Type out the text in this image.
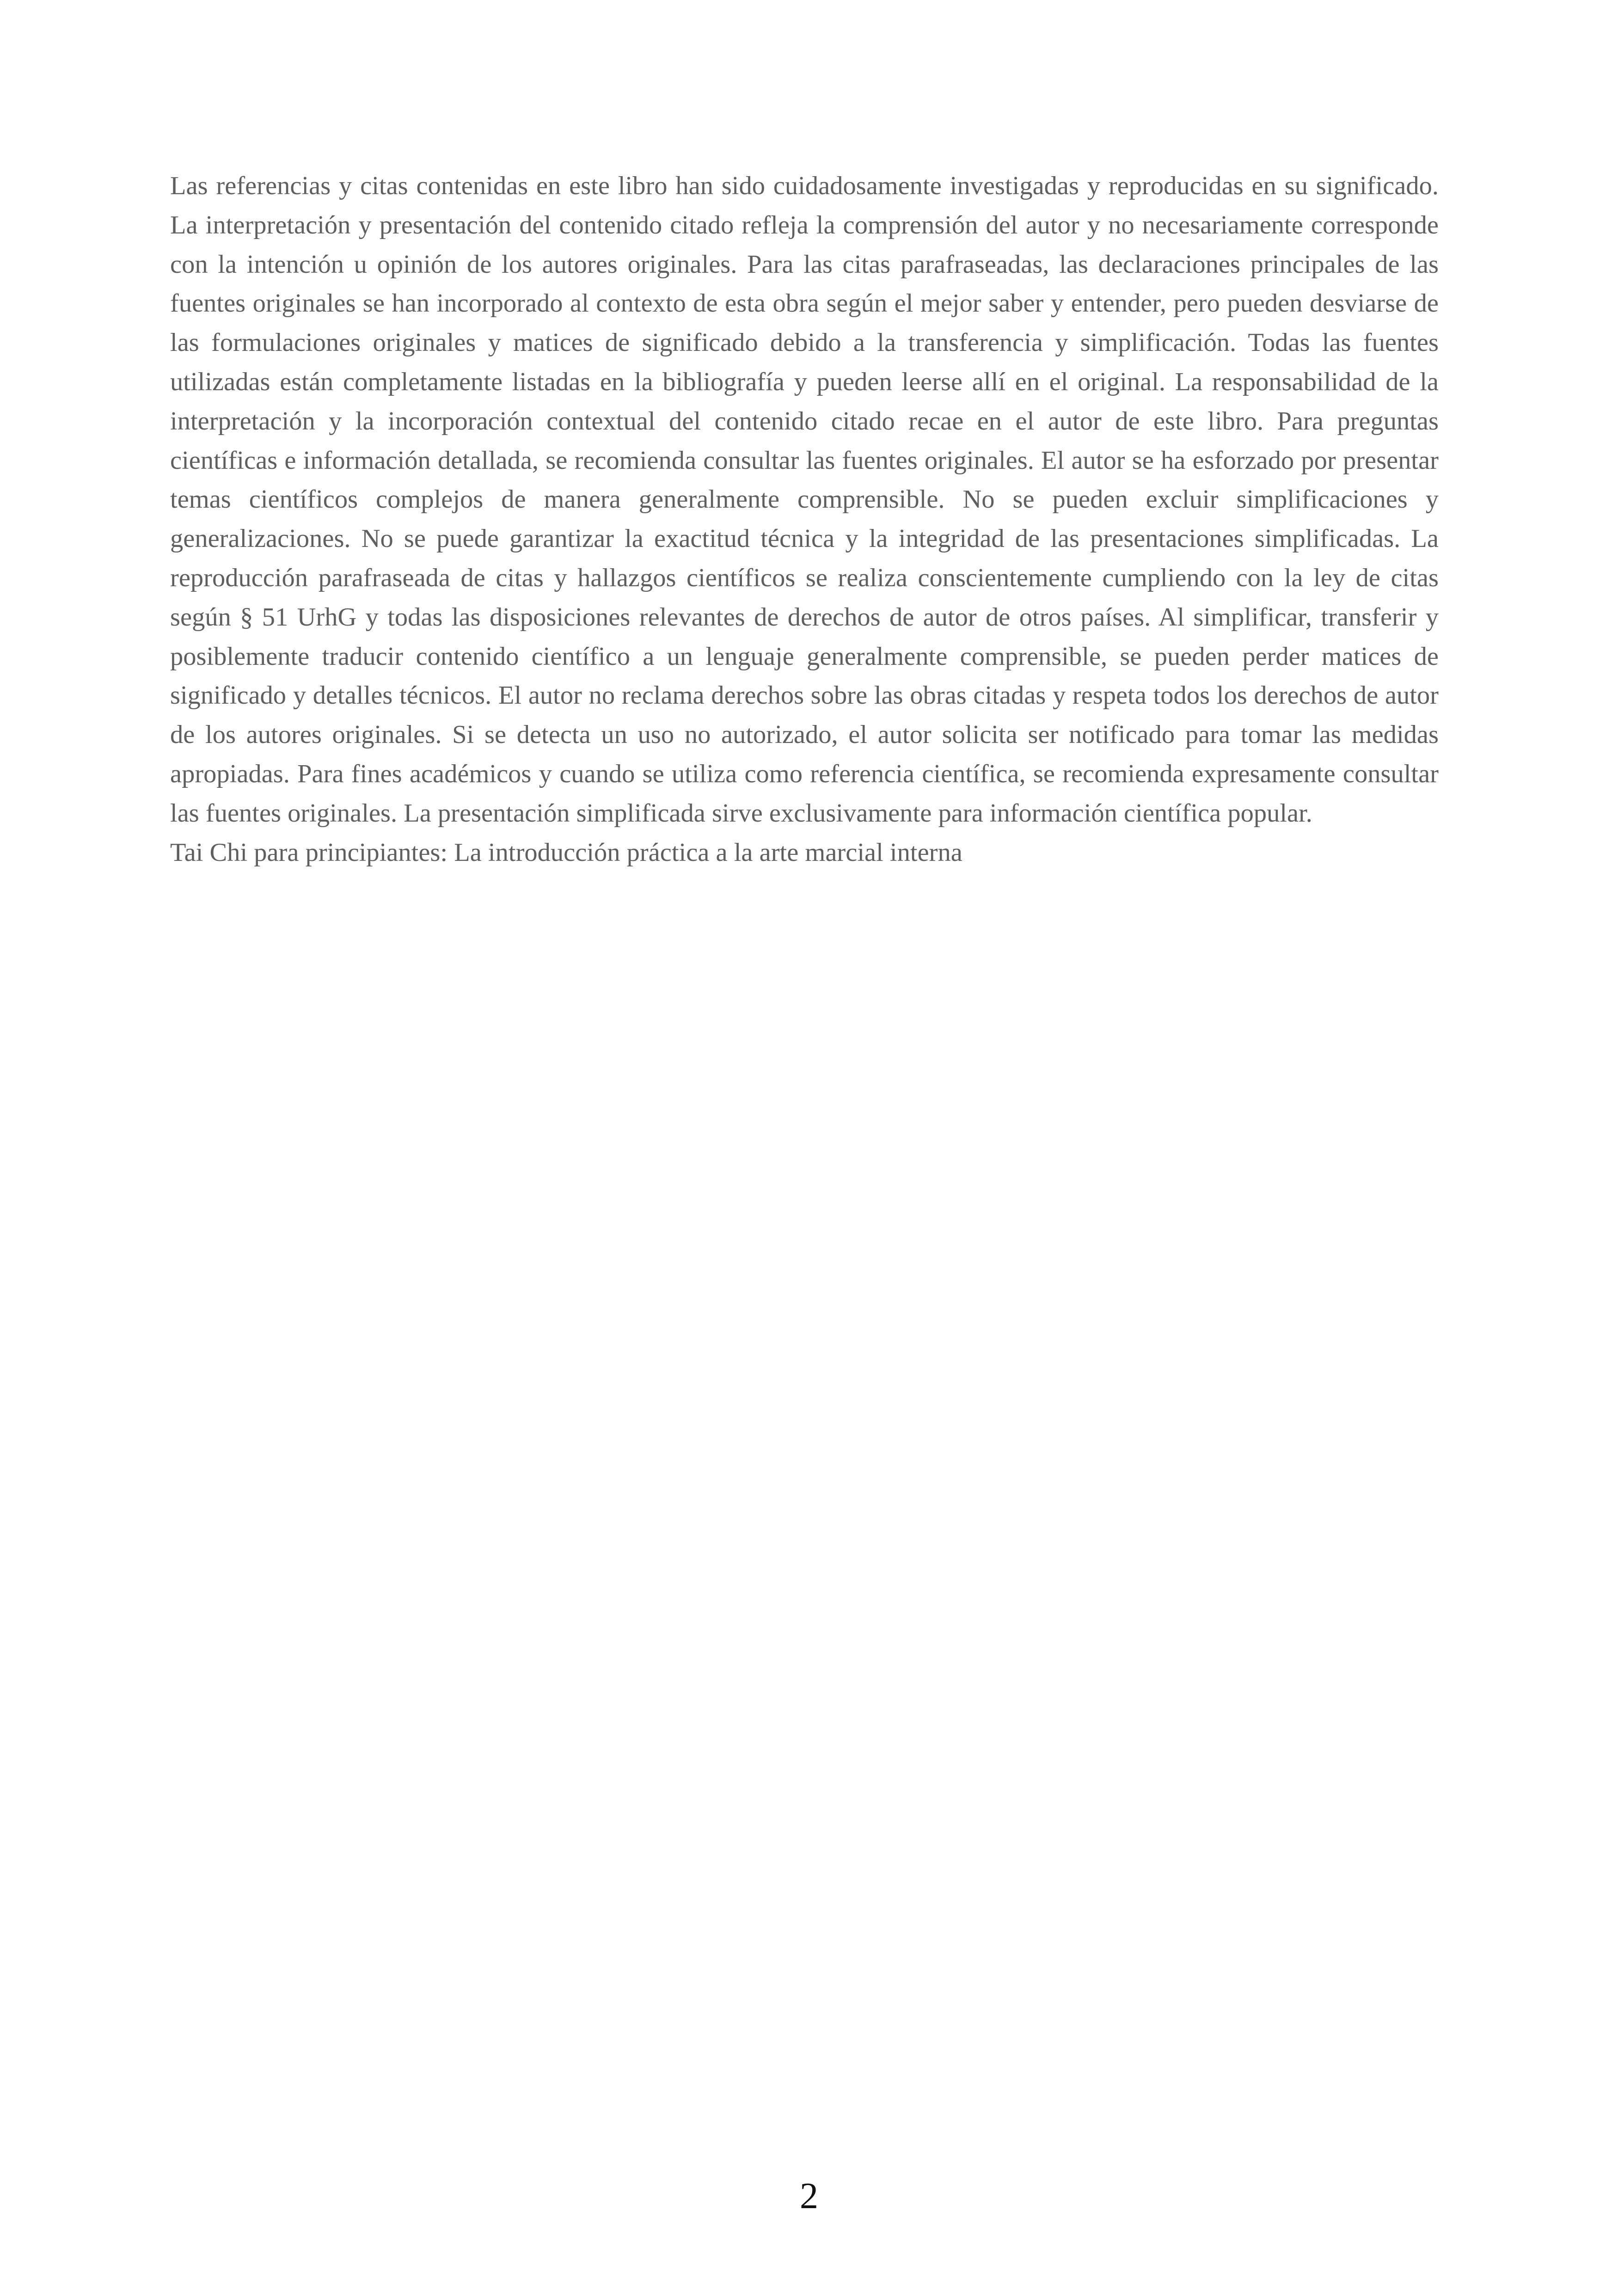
Las referencias y citas contenidas en este libro han sido cuidadosamente investigadas y reproducidas en su significado. La interpretación y presentación del contenido citado refleja la comprensión del autor y no necesariamente corresponde con la intención u opinión de los autores originales. Para las citas parafraseadas, las declaraciones principales de las fuentes originales se han incorporado al contexto de esta obra según el mejor saber y entender, pero pueden desviarse de las formulaciones originales y matices de significado debido a la transferencia y simplificación. Todas las fuentes utilizadas están completamente listadas en la bibliografía y pueden leerse allí en el original. La responsabilidad de la interpretación y la incorporación contextual del contenido citado recae en el autor de este libro. Para preguntas científicas e información detallada, se recomienda consultar las fuentes originales. El autor se ha esforzado por presentar temas científicos complejos de manera generalmente comprensible. No se pueden excluir simplificaciones y generalizaciones. No se puede garantizar la exactitud técnica y la integridad de las presentaciones simplificadas. La reproducción parafraseada de citas y hallazgos científicos se realiza conscientemente cumpliendo con la ley de citas según § 51 UrhG y todas las disposiciones relevantes de derechos de autor de otros países. Al simplificar, transferir y posiblemente traducir contenido científico a un lenguaje generalmente comprensible, se pueden perder matices de significado y detalles técnicos. El autor no reclama derechos sobre las obras citadas y respeta todos los derechos de autor de los autores originales. Si se detecta un uso no autorizado, el autor solicita ser notificado para tomar las medidas apropiadas. Para fines académicos y cuando se utiliza como referencia científica, se recomienda expresamente consultar las fuentes originales. La presentación simplificada sirve exclusivamente para información científica popular.

Tai Chi para principiantes: La introducción práctica a la arte marcial interna

2
